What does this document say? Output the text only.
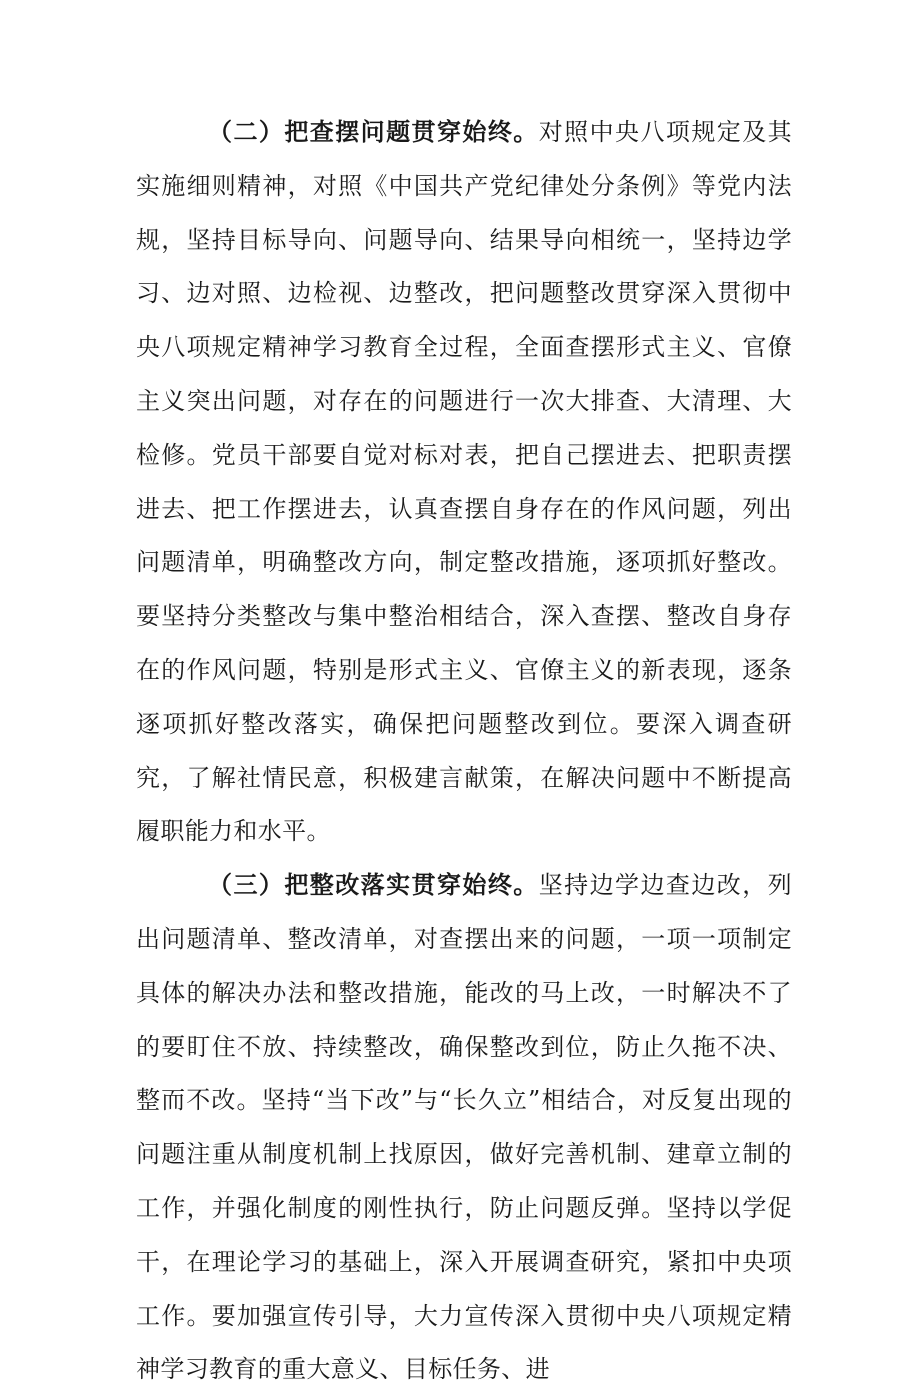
（二）把查摆问题贯穿始终。对照中央八项规定及其实施细则精神，对照《中国共产党纪律处分条例》等党内法规，坚持目标导向、问题导向、结果导向相统一，坚持边学习、边对照、边检视、边整改，把问题整改贯穿深入贯彻中央八项规定精神学习教育全过程，全面查摆形式主义、官僚主义突出问题，对存在的问题进行一次大排查、大清理、大检修。党员干部要自觉对标对表，把自己摆进去、把职责摆进去、把工作摆进去，认真查摆自身存在的作风问题，列出问题清单，明确整改方向，制定整改措施，逐项抓好整改。要坚持分类整改与集中整治相结合，深入查摆、整改自身存在的作风问题，特别是形式主义、官僚主义的新表现，逐条逐项抓好整改落实，确保把问题整改到位。要深入调查研究，了解社情民意，积极建言献策，在解决问题中不断提高履职能力和水平。

（三）把整改落实贯穿始终。坚持边学边查边改，列出问题清单、整改清单，对查摆出来的问题，一项一项制定具体的解决办法和整改措施，能改的马上改，一时解决不了的要盯住不放、持续整改，确保整改到位，防止久拖不决、整而不改。坚持“当下改”与“长久立”相结合，对反复出现的问题注重从制度机制上找原因，做好完善机制、建章立制的工作，并强化制度的刚性执行，防止问题反弹。坚持以学促干，在理论学习的基础上，深入开展调查研究，紧扣中央项工作。要加强宣传引导，大力宣传深入贯彻中央八项规定精神学习教育的重大意义、目标任务、进
